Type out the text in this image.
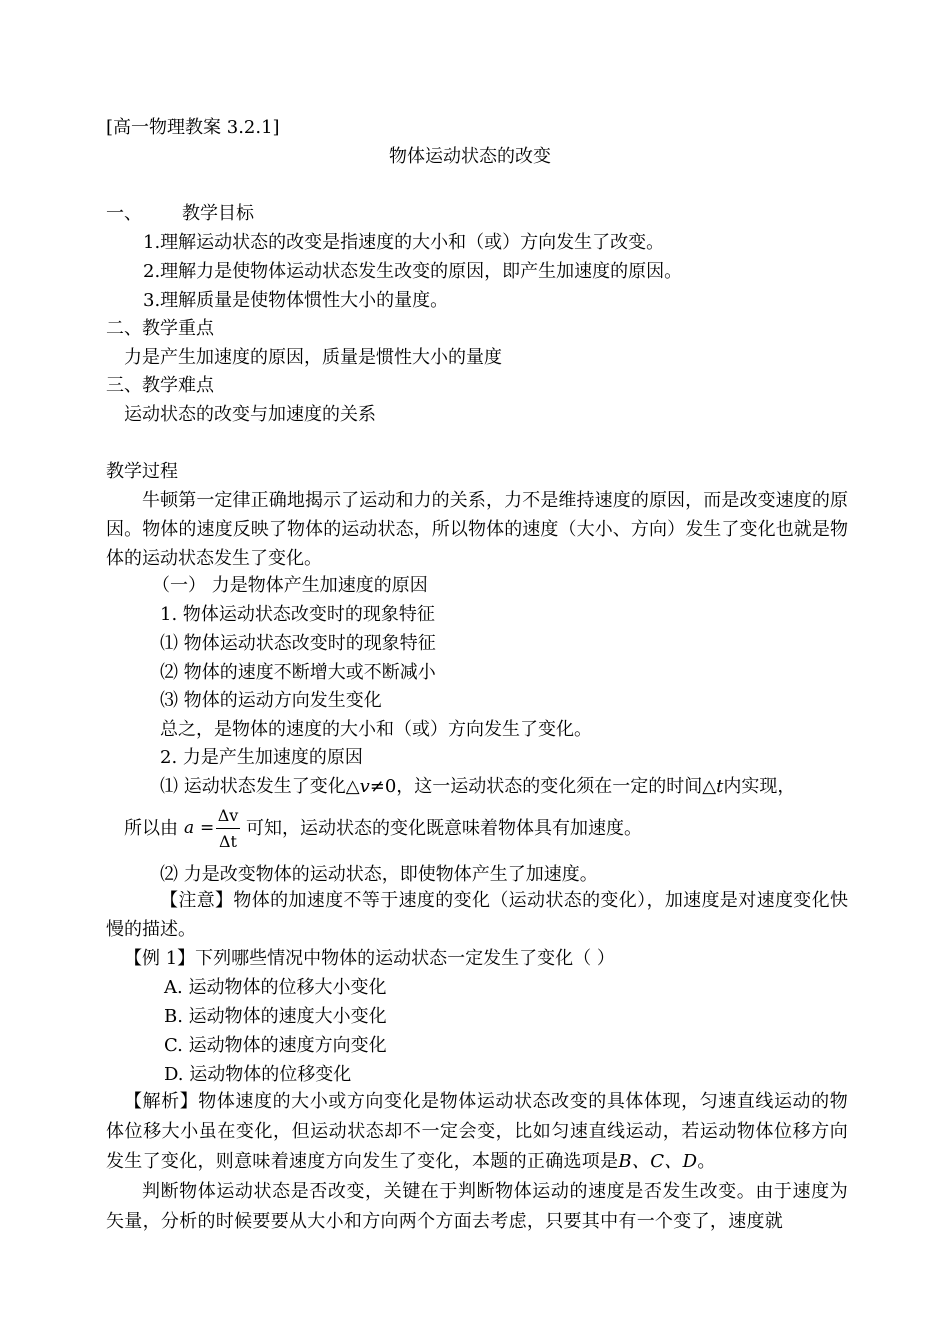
[高一物理教案 3.2.1]
物体运动状态的改变
一、 教学目标
1.理解运动状态的改变是指速度的大小和（或）方向发生了改变。
2.理解力是使物体运动状态发生改变的原因，即产生加速度的原因。
3.理解质量是使物体惯性大小的量度。
二、教学重点
力是产生加速度的原因，质量是惯性大小的量度
三、教学难点
运动状态的改变与加速度的关系
教学过程
牛顿第一定律正确地揭示了运动和力的关系，力不是维持速度的原因，而是改变速度的原因。物体的速度反映了物体的运动状态，所以物体的速度（大小、方向）发生了变化也就是物体的运动状态发生了变化。
（一） 力是物体产生加速度的原因
1. 物体运动状态改变时的现象特征
⑴ 物体运动状态改变时的现象特征
⑵ 物体的速度不断增大或不断减小
⑶ 物体的运动方向发生变化
总之，是物体的速度的大小和（或）方向发生了变化。
2. 力是产生加速度的原因
⑴ 运动状态发生了变化△v≠0，这一运动状态的变化须在一定的时间△t内实现，
所以由 a =
Δv
Δt
可知，运动状态的变化既意味着物体具有加速度。
⑵ 力是改变物体的运动状态，即使物体产生了加速度。
【注意】物体的加速度不等于速度的变化（运动状态的变化），加速度是对速度变化快慢的描述。
【例 1】下列哪些情况中物体的运动状态一定发生了变化（ ）
A. 运动物体的位移大小变化
B. 运动物体的速度大小变化
C. 运动物体的速度方向变化
D. 运动物体的位移变化
【解析】物体速度的大小或方向变化是物体运动状态改变的具体体现，匀速直线运动的物体位移大小虽在变化，但运动状态却不一定会变，比如匀速直线运动，若运动物体位移方向发生了变化，则意味着速度方向发生了变化，本题的正确选项是B、C、D。
判断物体运动状态是否改变，关键在于判断物体运动的速度是否发生改变。由于速度为矢量，分析的时候要要从大小和方向两个方面去考虑，只要其中有一个变了，速度就
